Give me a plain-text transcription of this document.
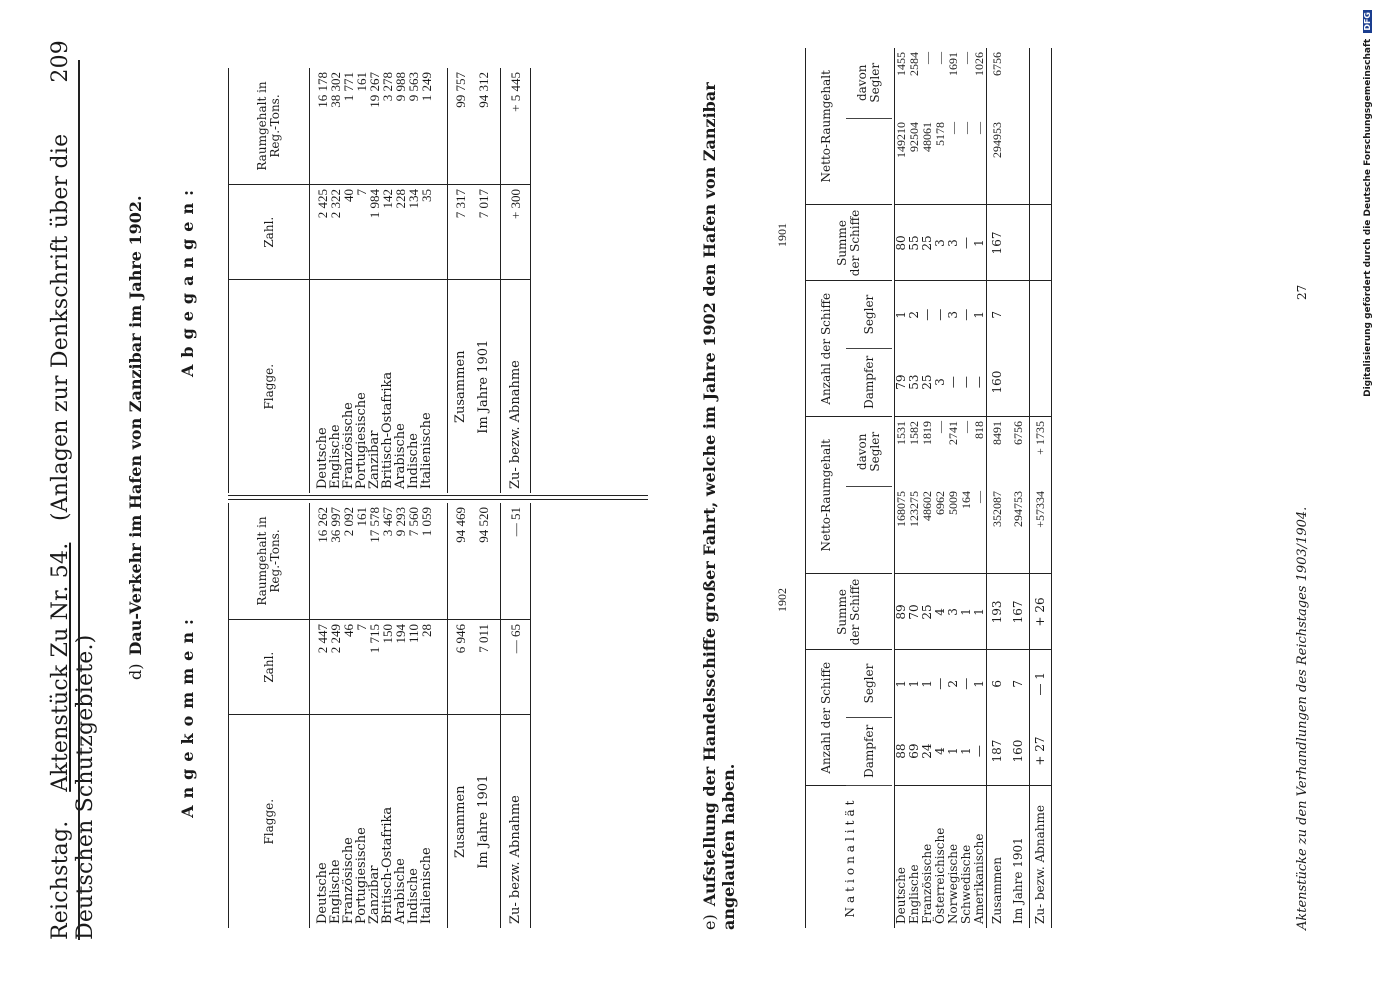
Reichstag.    Aktenstück Zu Nr. 54.   (Anlagen zur Denkschrift über die Deutschen Schutzgebiete.)
209
d)Dau-Verkehr im Hafen von Zanzibar im Jahre 1902.
Angekommen:
Abgegangen:
Flagge.	Zahl.	Raumgehalt in Reg.-Tons.

Deutsche	2 447	16 262
Englische	2 249	36 997
Französische	46	2 092
Portugiesische	7	161
Zanzibar	1 715	17 578
Britisch-Ostafrika	150	3 467
Arabische	194	9 293
Indische	110	7 560
Italienische	28	1 059

Zusammen	6 946	94 469
Im Jahre 1901	7 011	94 520
Zu- bezw. Abnahme	— 65	— 51
Flagge.	Zahl.	Raumgehalt in Reg.-Tons.

Deutsche	2 425	16 178
Englische	2 322	38 302
Französische	40	1 771
Portugiesische	7	161
Zanzibar	1 984	19 267
Britisch-Ostafrika	142	3 278
Arabische	228	9 988
Indische	134	9 563
Italienische	35	1 249

Zusammen	7 317	99 757
Im Jahre 1901	7 017	94 312
Zu- bezw. Abnahme	+ 300	+ 5 445
e)Aufstellung der Handelsschiffe großer Fahrt, welche im Jahre 1902 den Hafen von Zanzibar angelaufen haben.
1902
1901
Nationalität	Anzahl der Schiffe		Summe der Schiffe	Netto-Raumgehalt		Anzahl der Schiffe		Summe der Schiffe	Netto-Raumgehalt	
	Dampfer	Segler			davon Segler	Dampfer	Segler			davon Segler

Deutsche	88	1	89	168075	1531	79	1	80	149210	1455
Englische	69	1	70	123275	1582	53	2	55	92504	2584
Französische	24	1	25	48602	1819	25	—	25	48061	—
Österreichische	4	—	4	6962	—	3	—	3	5178	—
Norwegische	1	2	3	5009	2741	—	3	3	—	1691
Schwedische	1	—	1	164	—	—	—	—	—	—
Amerikanische	—	1	1	—	818	—	1	1	—	1026
Zusammen	187	6	193	352087	8491	160	7	167	294953	6756
Im Jahre 1901	160	7	167	294753	6756					
Zu- bezw. Abnahme	+ 27	— 1	+ 26	+57334	+ 1735					
Aktenstücke zu den Verhandlungen des Reichstages 1903/1904.
27	Digitalisierung gefördert durch die Deutsche Forschungsgemeinschaft DFG
